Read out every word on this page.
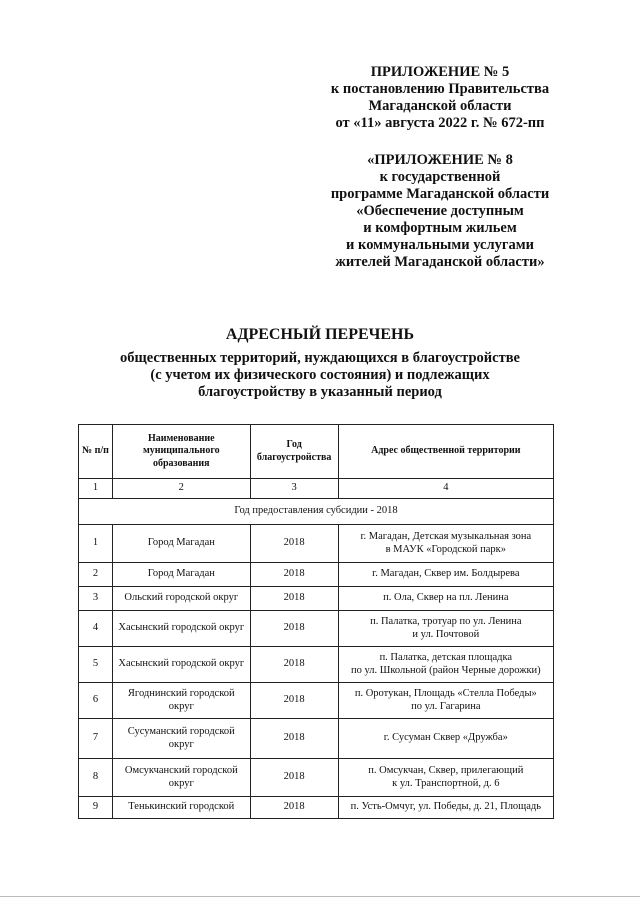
ПРИЛОЖЕНИЕ № 5
к постановлению Правительства
Магаданской области
от «11» августа 2022 г. № 672-пп
«ПРИЛОЖЕНИЕ № 8
к государственной
программе Магаданской области
«Обеспечение доступным
и комфортным жильем
и коммунальными услугами
жителей Магаданской области»
АДРЕСНЫЙ ПЕРЕЧЕНЬ
общественных территорий, нуждающихся в благоустройстве
(с учетом их физического состояния) и подлежащих
благоустройству в указанный период
№ п/п	Наименование муниципального образования	Год благоустройства	Адрес общественной территории
1	2	3	4
Год предоставления субсидии - 2018			
1	Город Магадан	2018	г. Магадан, Детская музыкальная зона
в МАУК «Городской парк»

2	Город Магадан	2018	г. Магадан, Сквер им. Болдырева

3	Ольский городской округ	2018	п. Ола, Сквер на пл. Ленина

4	Хасынский городской округ	2018	п. Палатка, тротуар по ул. Ленина
и ул. Почтовой

5	Хасынский городской округ	2018	п. Палатка, детская площадка
по ул. Школьной (район Черные дорожки)

6	Ягоднинский городской округ	2018	п. Оротукан, Площадь «Стелла Победы»
по ул. Гагарина

7	Сусуманский городской округ	2018	г. Сусуман Сквер «Дружба»

8	Омсукчанский городской округ	2018	п. Омсукчан, Сквер, прилегающий
к ул. Транспортной, д. 6

9	Тенькинский городской	2018	п. Усть-Омчуг, ул. Победы, д. 21, Площадь
